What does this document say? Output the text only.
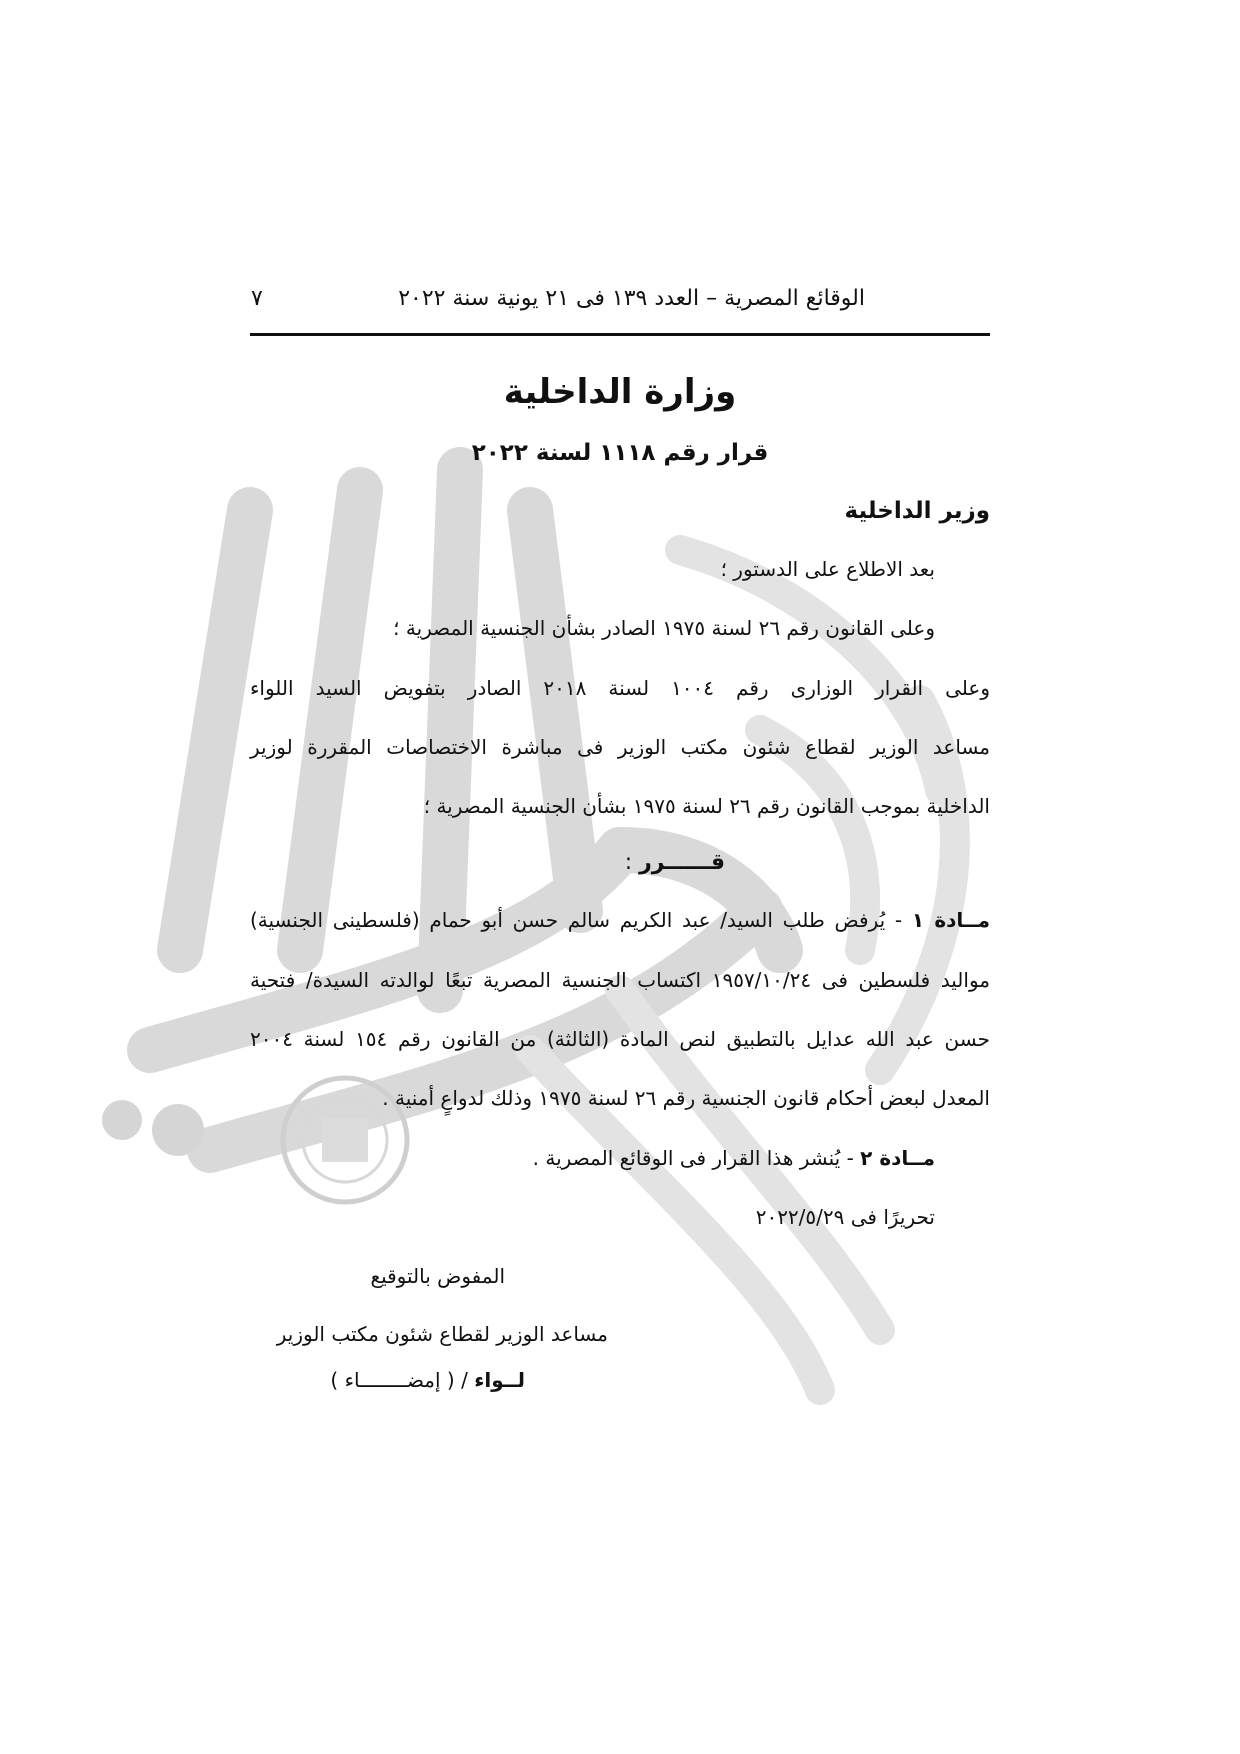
الوقائع المصرية – العدد ١٣٩ فى ٢١ يونية سنة ٢٠٢٢
٧
وزارة الداخلية
قرار رقم ١١١٨ لسنة ٢٠٢٢
وزير الداخلية
بعد الاطلاع على الدستور ؛
وعلى القانون رقم ٢٦ لسنة ١٩٧٥ الصادر بشأن الجنسية المصرية ؛
وعلى القرار الوزارى رقم ١٠٠٤ لسنة ٢٠١٨ الصادر بتفويض السيد اللواء
مساعد الوزير لقطاع شئون مكتب الوزير فى مباشرة الاختصاصات المقررة لوزير
الداخلية بموجب القانون رقم ٢٦ لسنة ١٩٧٥ بشأن الجنسية المصرية ؛
قــــــرر :
مــادة ١ - يُرفض طلب السيد/ عبد الكريم سالم حسن أبو حمام (فلسطينى الجنسية)
مواليد فلسطين فى ١٩٥٧/١٠/٢٤ اكتساب الجنسية المصرية تبعًا لوالدته السيدة/ فتحية
حسن عبد الله عدايل بالتطبيق لنص المادة (الثالثة) من القانون رقم ١٥٤ لسنة ٢٠٠٤
المعدل لبعض أحكام قانون الجنسية رقم ٢٦ لسنة ١٩٧٥ وذلك لدواعٍ أمنية .
مــادة ٢ - يُنشر هذا القرار فى الوقائع المصرية .
تحريرًا فى ٢٠٢٢/٥/٢٩
المفوض بالتوقيع
مساعد الوزير لقطاع شئون مكتب الوزير
لــواء / ( إمضــــــــاء )
